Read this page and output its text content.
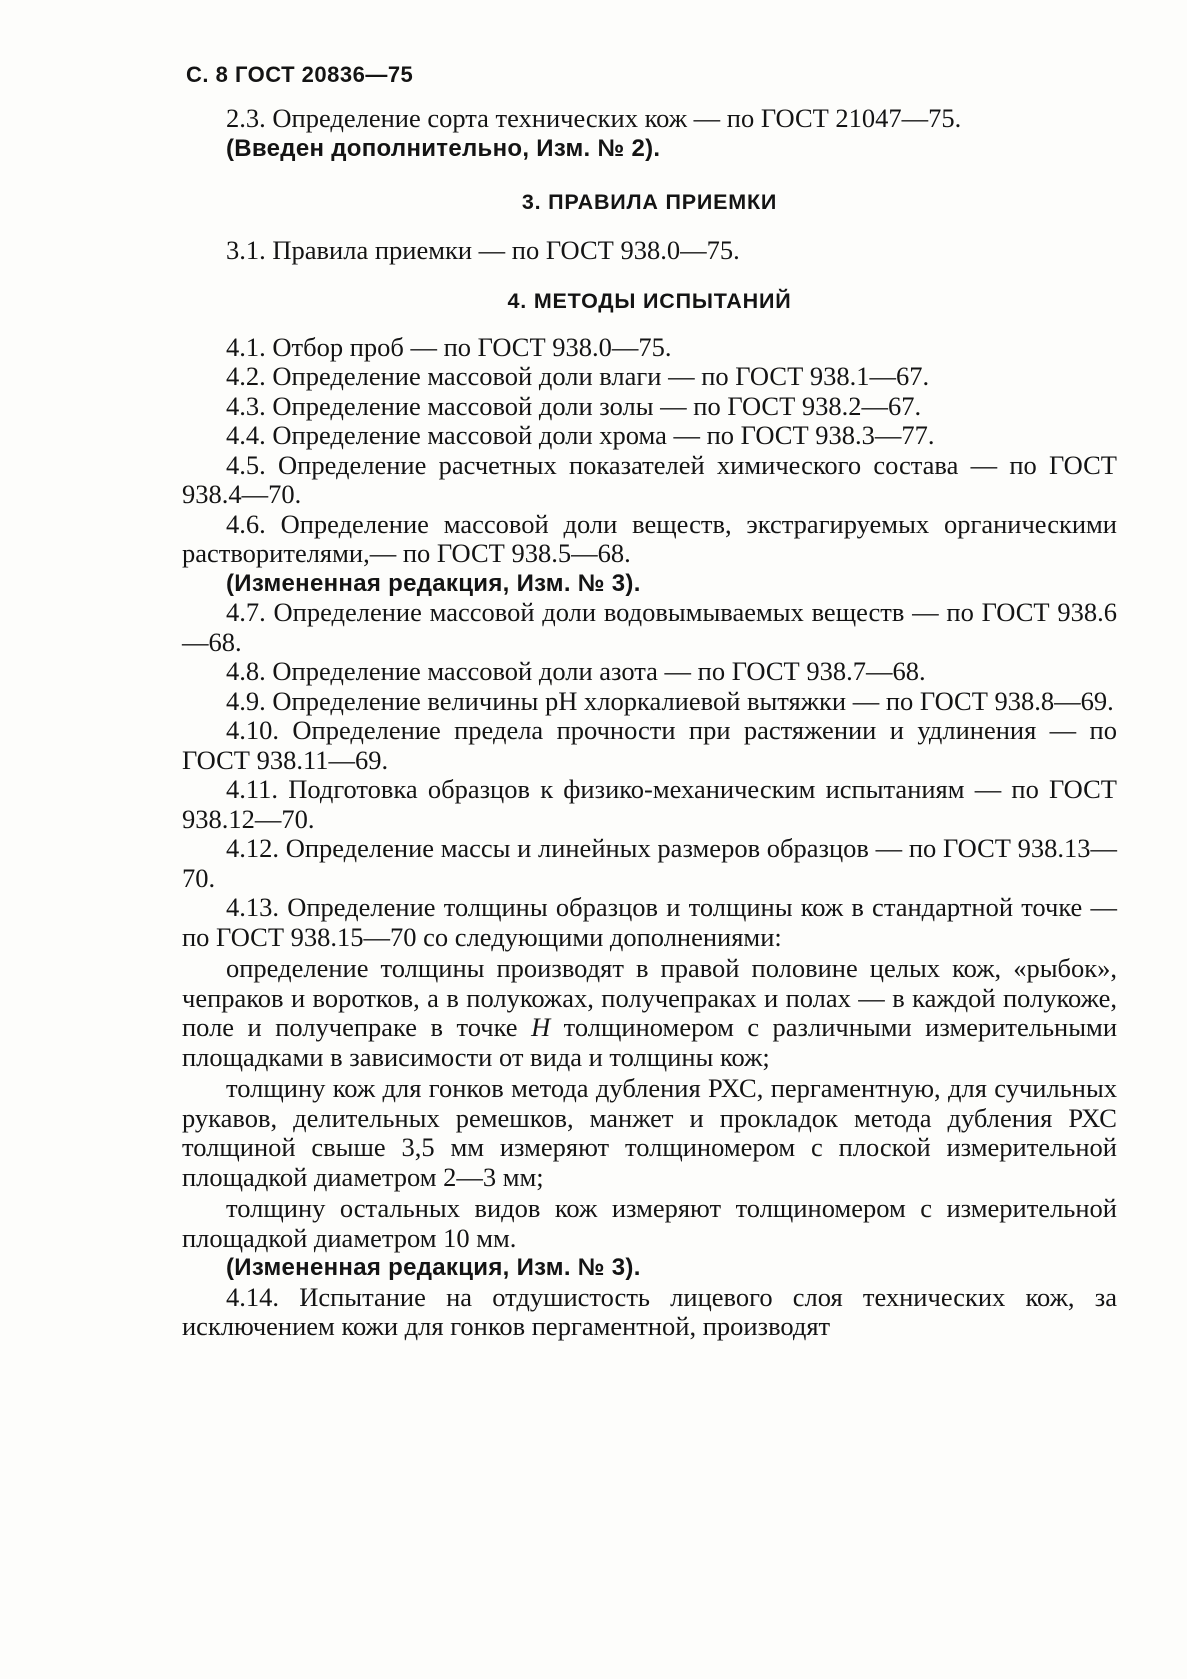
С. 8 ГОСТ 20836—75

2.3. Определение сорта технических кож — по ГОСТ 21047—75.

(Введен дополнительно, Изм. № 2).

3. ПРАВИЛА ПРИЕМКИ

3.1. Правила приемки — по ГОСТ 938.0—75.

4. МЕТОДЫ ИСПЫТАНИЙ

4.1. Отбор проб — по ГОСТ 938.0—75.

4.2. Определение массовой доли влаги — по ГОСТ 938.1—67.

4.3. Определение массовой доли золы — по ГОСТ 938.2—67.

4.4. Определение массовой доли хрома — по ГОСТ 938.3—77.

4.5. Определение расчетных показателей химического состава — по ГОСТ 938.4—70.

4.6. Определение массовой доли веществ, экстрагируемых органическими растворителями,— по ГОСТ 938.5—68.

(Измененная редакция, Изм. № 3).

4.7. Определение массовой доли водовымываемых веществ — по ГОСТ 938.6—68.

4.8. Определение массовой доли азота — по ГОСТ 938.7—68.

4.9. Определение величины рН хлоркалиевой вытяжки — по ГОСТ 938.8—69.

4.10. Определение предела прочности при растяжении и удлинения — по ГОСТ 938.11—69.

4.11. Подготовка образцов к физико-механическим испытаниям — по ГОСТ 938.12—70.

4.12. Определение массы и линейных размеров образцов — по ГОСТ 938.13—70.

4.13. Определение толщины образцов и толщины кож в стандартной точке — по ГОСТ 938.15—70 со следующими дополнениями:

определение толщины производят в правой половине целых кож, «рыбок», чепраков и воротков, а в полукожах, получепраках и полах — в каждой полукоже, поле и получепраке в точке Н толщиномером с различными измерительными площадками в зависимости от вида и толщины кож;

толщину кож для гонков метода дубления РХС, пергаментную, для сучильных рукавов, делительных ремешков, манжет и прокладок метода дубления РХС толщиной свыше 3,5 мм измеряют толщиномером с плоской измерительной площадкой диаметром 2—3 мм;

толщину остальных видов кож измеряют толщиномером с измерительной площадкой диаметром 10 мм.

(Измененная редакция, Изм. № 3).

4.14. Испытание на отдушистость лицевого слоя технических кож, за исключением кожи для гонков пергаментной, производят
